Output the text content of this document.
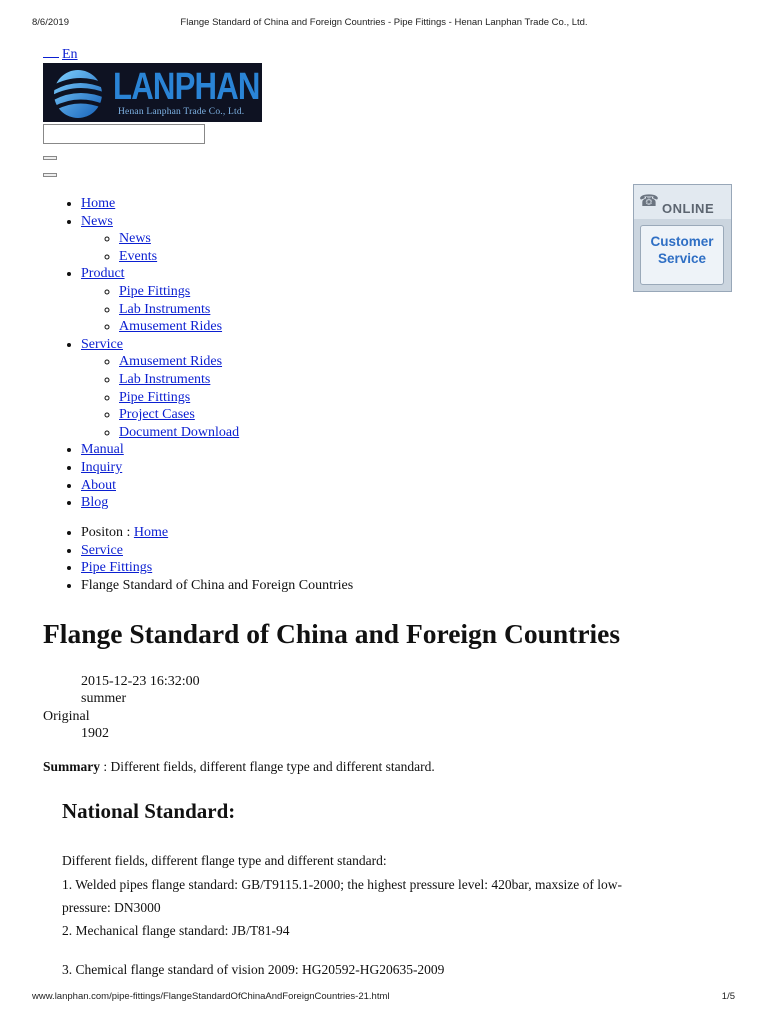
8/6/2019	Flange Standard of China and Foreign Countries - Pipe Fittings - Henan Lanphan Trade Co., Ltd.
En
LANPHAN
Henan Lanphan Trade Co., Ltd.
☎ ONLINE
Customer
Service
• Home
• News
◦ News
◦ Events
• Product
◦ Pipe Fittings
◦ Lab Instruments
◦ Amusement Rides
• Service
◦ Amusement Rides
◦ Lab Instruments
◦ Pipe Fittings
◦ Project Cases
◦ Document Download
• Manual
• Inquiry
• About
• Blog
• Positon : Home
• Service
• Pipe Fittings
• Flange Standard of China and Foreign Countries
Flange Standard of China and Foreign Countries
2015-12-23 16:32:00
summer
Original
1902
Summary : Different fields, different flange type and different standard.
National Standard:
Different fields, different flange type and different standard:
1. Welded pipes flange standard: GB/T9115.1-2000; the highest pressure level: 420bar, maxsize of low-
pressure: DN3000
2. Mechanical flange standard: JB/T81-94
3. Chemical flange standard of vision 2009: HG20592-HG20635-2009
www.lanphan.com/pipe-fittings/FlangeStandardOfChinaAndForeignCountries-21.html	1/5
